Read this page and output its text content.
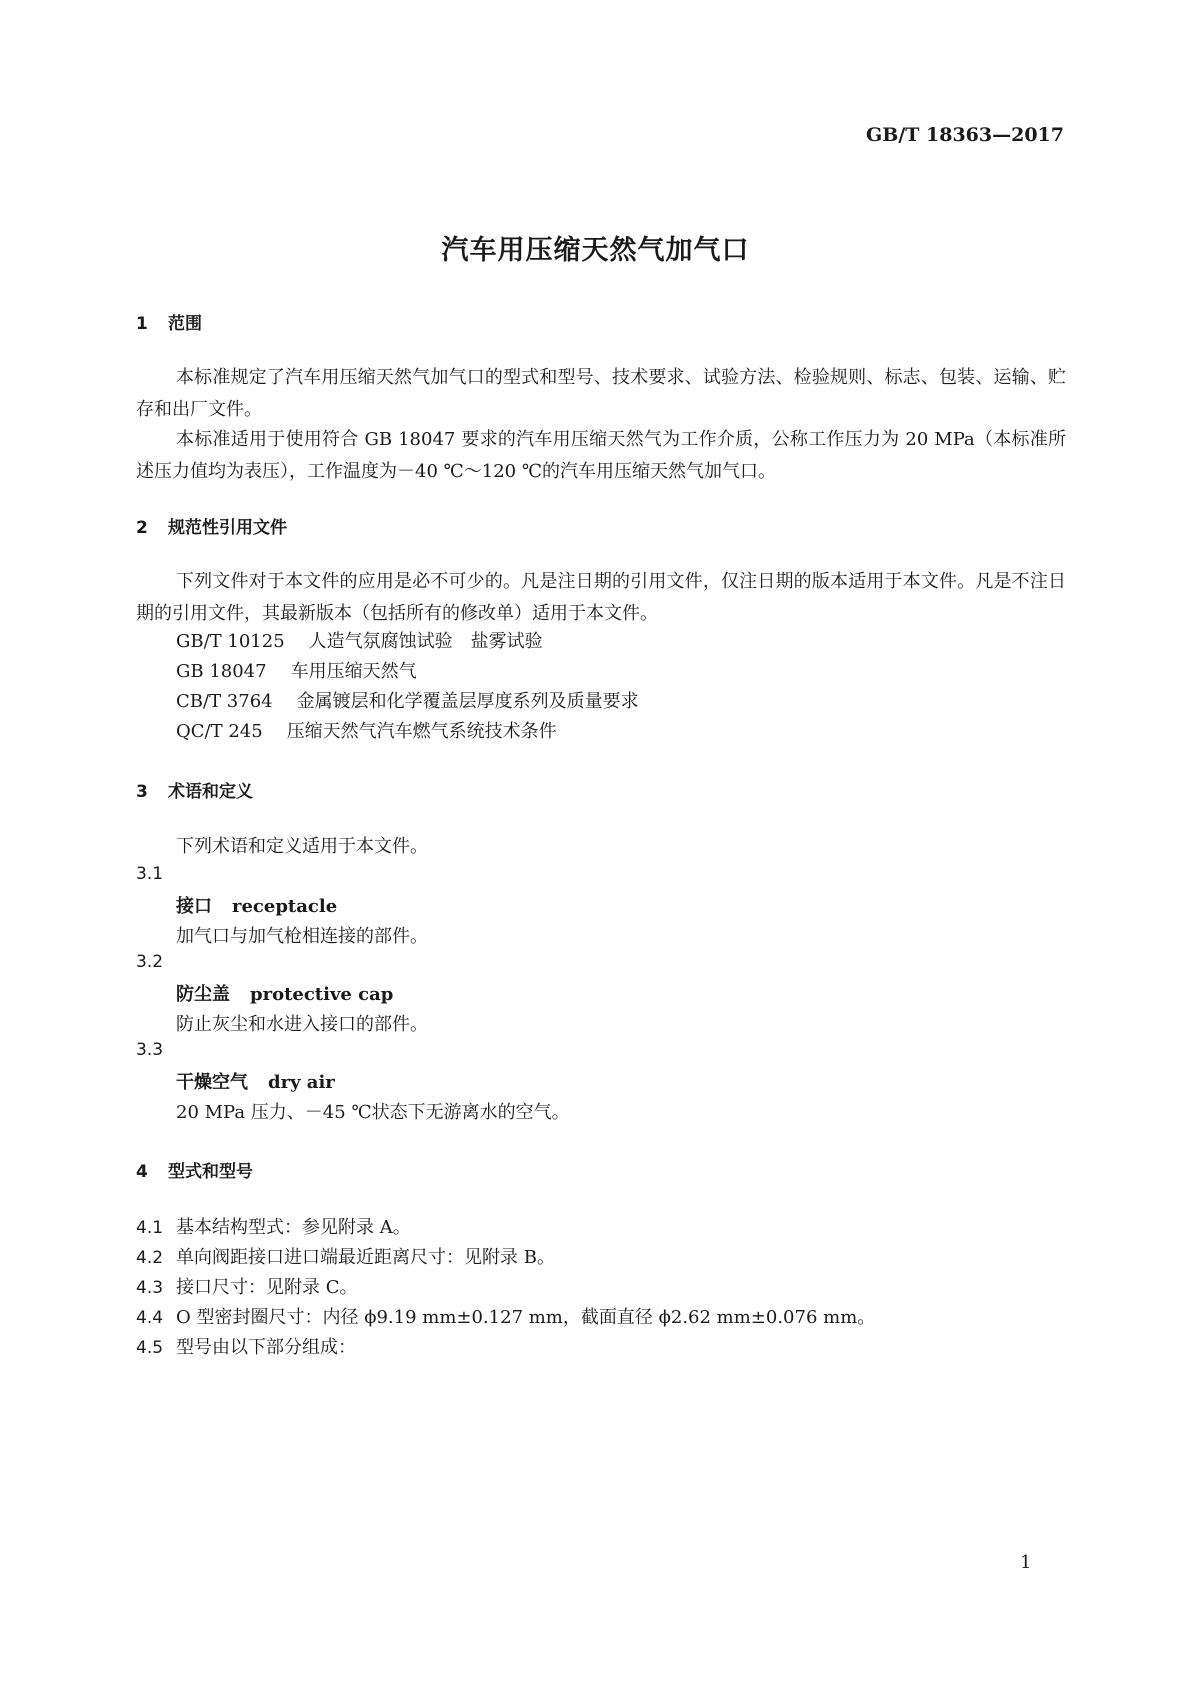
GB/T 18363—2017
汽车用压缩天然气加气口
1 范围
本标准规定了汽车用压缩天然气加气口的型式和型号、技术要求、试验方法、检验规则、标志、包装、运输、贮存和出厂文件。
本标准适用于使用符合 GB 18047 要求的汽车用压缩天然气为工作介质，公称工作压力为 20 MPa（本标准所述压力值均为表压），工作温度为－40 ℃～120 ℃的汽车用压缩天然气加气口。
2 规范性引用文件
下列文件对于本文件的应用是必不可少的。凡是注日期的引用文件，仅注日期的版本适用于本文件。凡是不注日期的引用文件，其最新版本（包括所有的修改单）适用于本文件。
GB/T 10125 人造气氛腐蚀试验　盐雾试验
GB 18047 车用压缩天然气
CB/T 3764 金属镀层和化学覆盖层厚度系列及质量要求
QC/T 245 压缩天然气汽车燃气系统技术条件
3 术语和定义
下列术语和定义适用于本文件。
3.1
接口 receptacle
加气口与加气枪相连接的部件。
3.2
防尘盖 protective cap
防止灰尘和水进入接口的部件。
3.3
干燥空气 dry air
20 MPa 压力、－45 ℃状态下无游离水的空气。
4 型式和型号
4.1 基本结构型式：参见附录 A。
4.2 单向阀距接口进口端最近距离尺寸：见附录 B。
4.3 接口尺寸：见附录 C。
4.4 O 型密封圈尺寸：内径 ϕ9.19 mm±0.127 mm，截面直径 ϕ2.62 mm±0.076 mm。
4.5 型号由以下部分组成：
1
